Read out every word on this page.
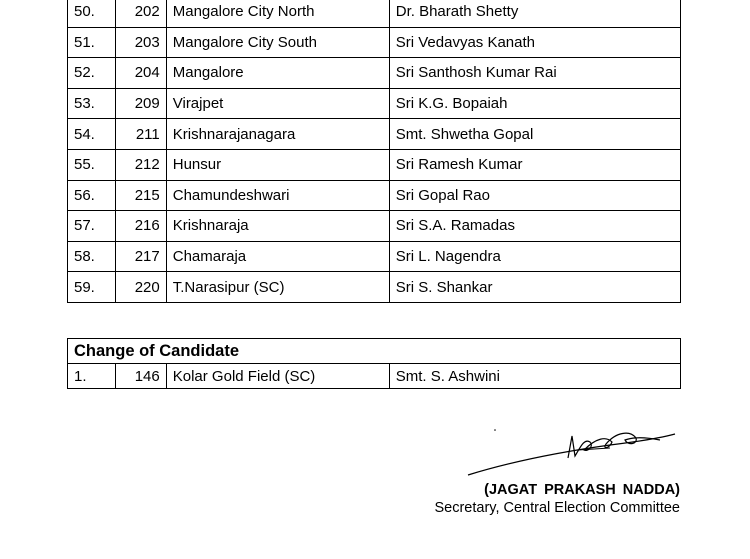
50.	202	Mangalore City North	Dr. Bharath Shetty
51.	203	Mangalore City South	Sri Vedavyas Kanath
52.	204	Mangalore	Sri Santhosh Kumar Rai
53.	209	Virajpet	Sri K.G. Bopaiah
54.	211	Krishnarajanagara	Smt. Shwetha Gopal
55.	212	Hunsur	Sri Ramesh Kumar
56.	215	Chamundeshwari	Sri Gopal Rao
57.	216	Krishnaraja	Sri S.A. Ramadas
58.	217	Chamaraja	Sri L. Nagendra
59.	220	T.Narasipur (SC)	Sri S. Shankar
Change of Candidate
1.	146	Kolar Gold Field (SC)	Smt. S. Ashwini
(JAGAT PRAKASH NADDA)
Secretary, Central Election Committee
